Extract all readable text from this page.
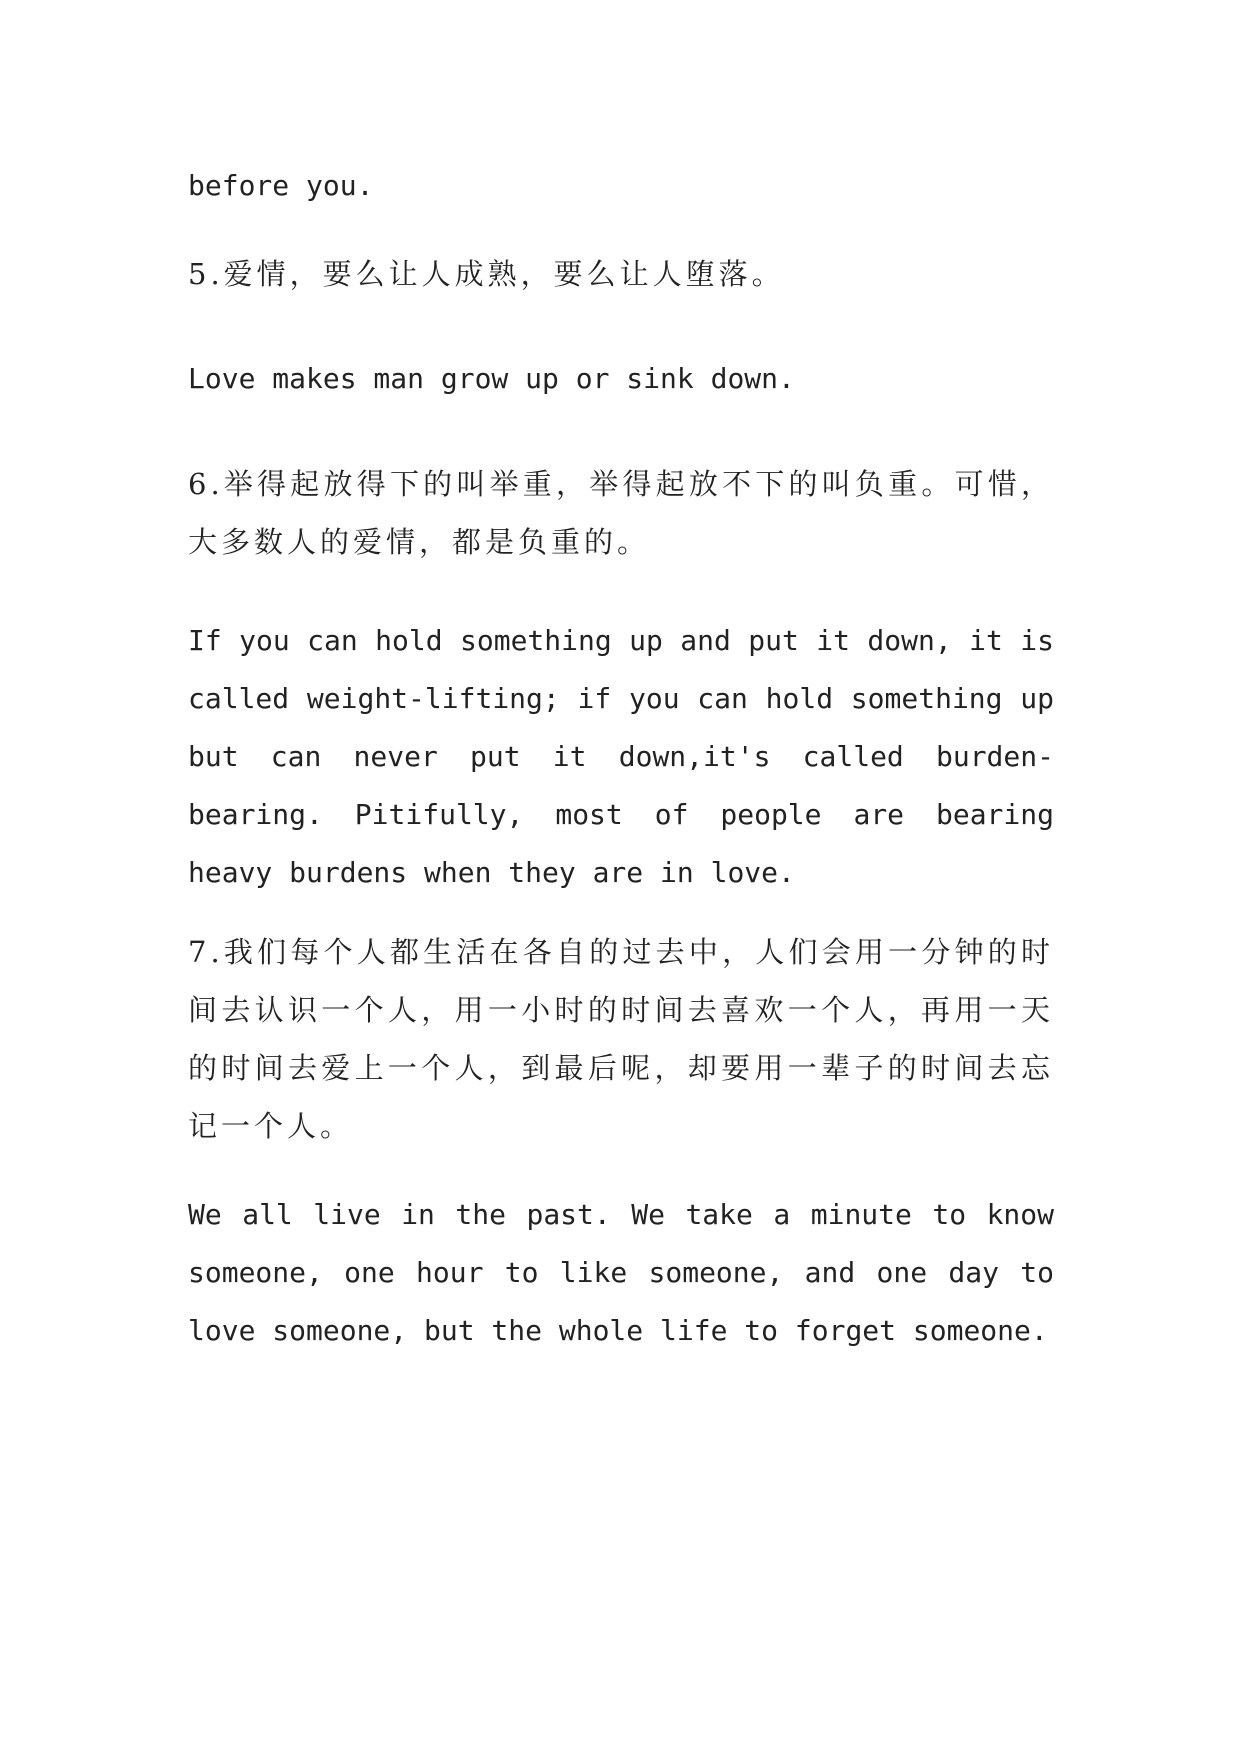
before you.

5.爱情，要么让人成熟，要么让人堕落。

Love makes man grow up or sink down.

6.举得起放得下的叫举重，举得起放不下的叫负重。可惜，大多数人的爱情，都是负重的。

If you can hold something up and put it down, it is called weight-lifting; if you can hold something up but can never put it down,it's called burden-bearing. Pitifully, most of people are bearing heavy burdens when they are in love.

7.我们每个人都生活在各自的过去中，人们会用一分钟的时间去认识一个人，用一小时的时间去喜欢一个人，再用一天的时间去爱上一个人，到最后呢，却要用一辈子的时间去忘记一个人。

We all live in the past. We take a minute to know someone, one hour to like someone, and one day to love someone, but the whole life to forget someone.
